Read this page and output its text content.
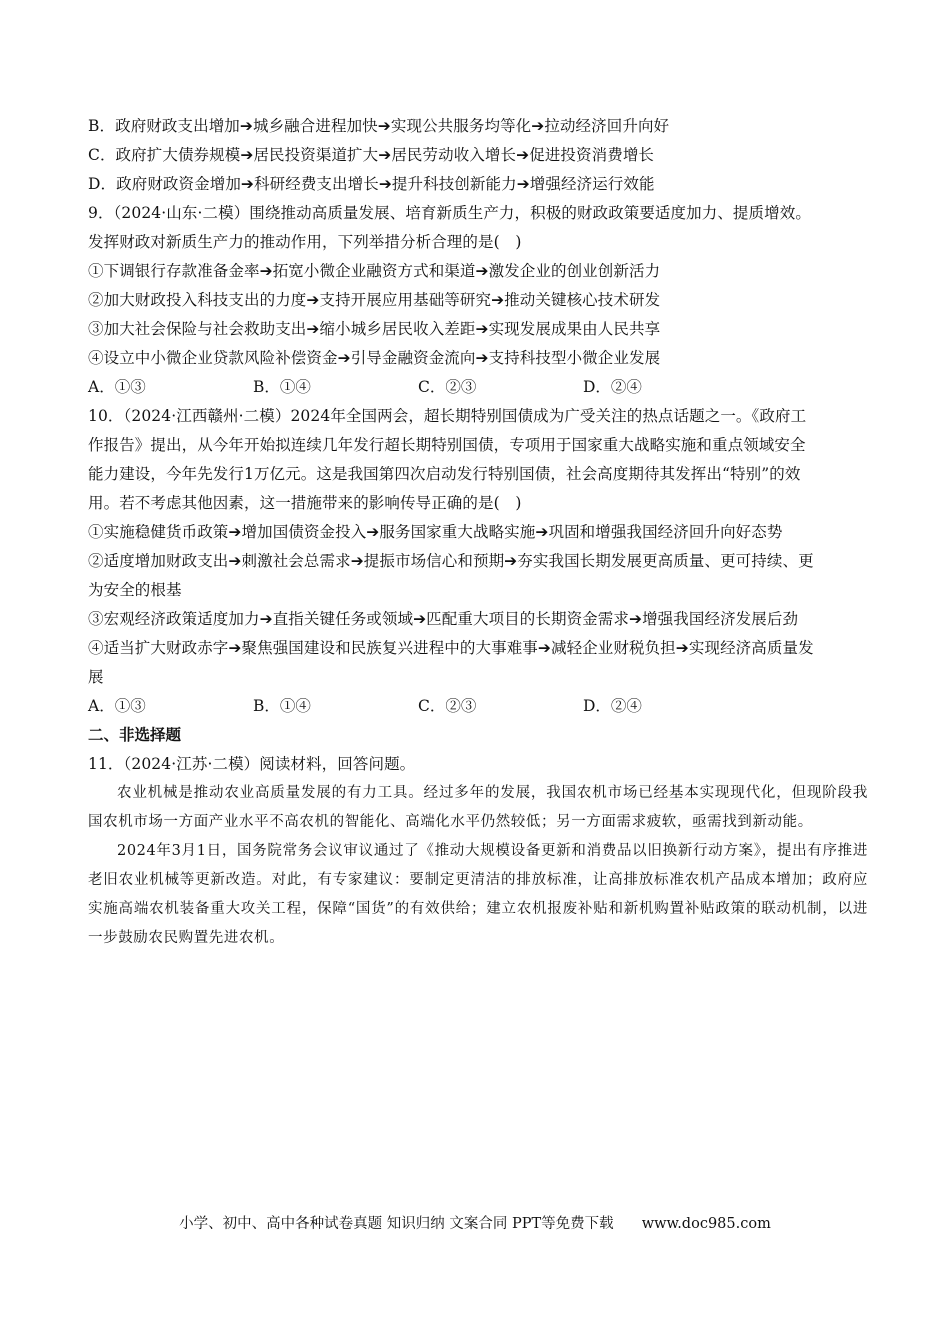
B．政府财政支出增加➔城乡融合进程加快➔实现公共服务均等化➔拉动经济回升向好
C．政府扩大债券规模➔居民投资渠道扩大➔居民劳动收入增长➔促进投资消费增长
D．政府财政资金增加➔科研经费支出增长➔提升科技创新能力➔增强经济运行效能
9．（2024·山东·二模）围绕推动高质量发展、培育新质生产力，积极的财政政策要适度加力、提质增效。
发挥财政对新质生产力的推动作用，下列举措分析合理的是(　)
①下调银行存款准备金率➔拓宽小微企业融资方式和渠道➔激发企业的创业创新活力
②加大财政投入科技支出的力度➔支持开展应用基础等研究➔推动关键核心技术研发
③加大社会保险与社会救助支出➔缩小城乡居民收入差距➔实现发展成果由人民共享
④设立中小微企业贷款风险补偿资金➔引导金融资金流向➔支持科技型小微企业发展
A．①③	B．①④	C．②③	D．②④
10．（2024·江西赣州·二模）2024年全国两会，超长期特别国债成为广受关注的热点话题之一。《政府工
作报告》提出，从今年开始拟连续几年发行超长期特别国债，专项用于国家重大战略实施和重点领域安全
能力建设，今年先发行1万亿元。这是我国第四次启动发行特别国债，社会高度期待其发挥出“特别”的效
用。若不考虑其他因素，这一措施带来的影响传导正确的是(　)
①实施稳健货币政策➔增加国债资金投入➔服务国家重大战略实施➔巩固和增强我国经济回升向好态势
②适度增加财政支出➔刺激社会总需求➔提振市场信心和预期➔夯实我国长期发展更高质量、更可持续、更
为安全的根基
③宏观经济政策适度加力➔直指关键任务或领域➔匹配重大项目的长期资金需求➔增强我国经济发展后劲
④适当扩大财政赤字➔聚焦强国建设和民族复兴进程中的大事难事➔减轻企业财税负担➔实现经济高质量发
展
A．①③	B．①④	C．②③	D．②④
二、非选择题
11．（2024·江苏·二模）阅读材料，回答问题。
农业机械是推动农业高质量发展的有力工具。经过多年的发展，我国农机市场已经基本实现现代化，但现阶段我国农机市场一方面产业水平不高农机的智能化、高端化水平仍然较低；另一方面需求疲软，亟需找到新动能。
2024年3月1日，国务院常务会议审议通过了《推动大规模设备更新和消费品以旧换新行动方案》，提出有序推进老旧农业机械等更新改造。对此，有专家建议：要制定更清洁的排放标准，让高排放标准农机产品成本增加；政府应实施高端农机装备重大攻关工程，保障“国货”的有效供给；建立农机报废补贴和新机购置补贴政策的联动机制，以进一步鼓励农民购置先进农机。
小学、初中、高中各种试卷真题 知识归纳 文案合同 PPT等免费下载 www.doc985.com
